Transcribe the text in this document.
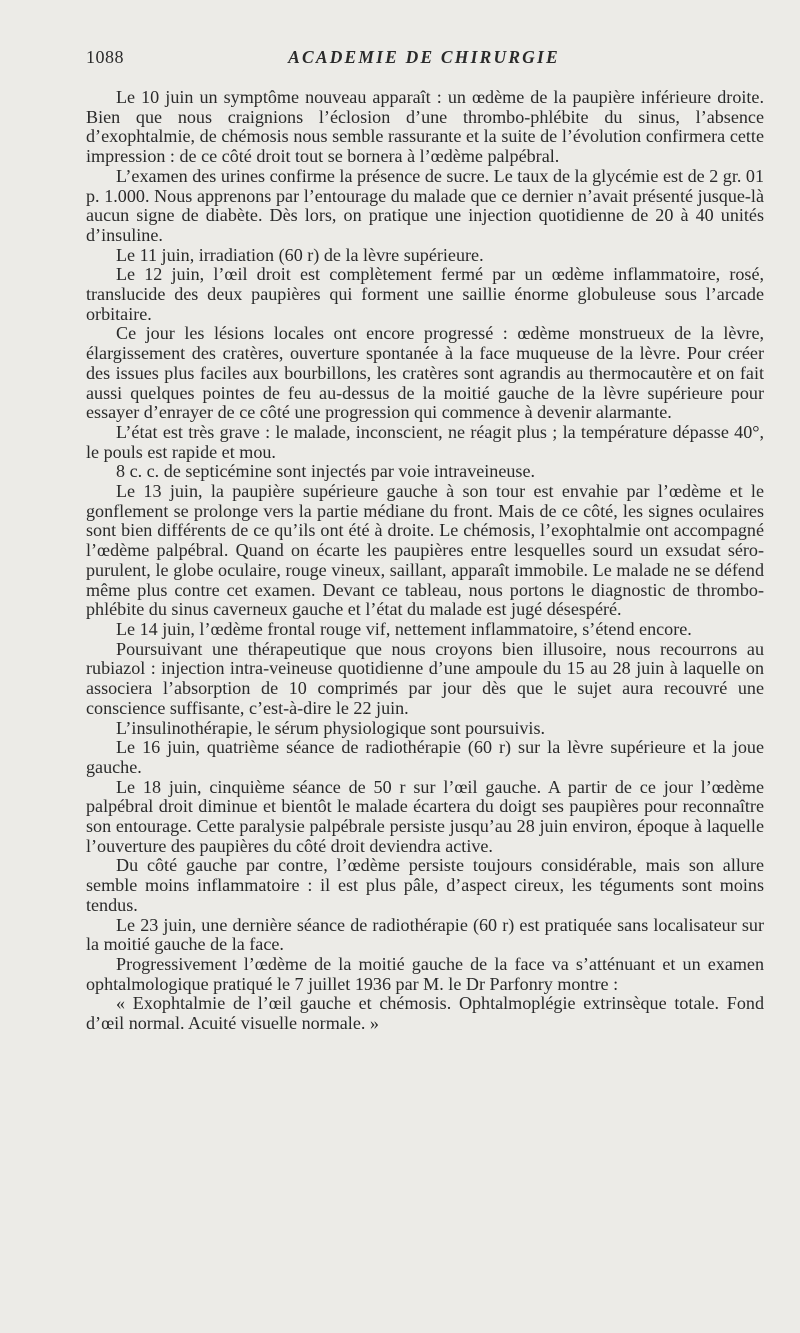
1088	ACADEMIE DE CHIRURGIE

Le 10 juin un symptôme nouveau apparaît : un œdème de la paupière inférieure droite. Bien que nous craignions l’éclosion d’une thrombo-phlébite du sinus, l’absence d’exophtalmie, de chémosis nous semble rassurante et la suite de l’évolution confirmera cette impression : de ce côté droit tout se bornera à l’œdème palpébral.

L’examen des urines confirme la présence de sucre. Le taux de la glycémie est de 2 gr. 01 p. 1.000. Nous apprenons par l’entourage du malade que ce dernier n’avait présenté jusque-là aucun signe de diabète. Dès lors, on pratique une injection quotidienne de 20 à 40 unités d’insuline.

Le 11 juin, irradiation (60 r) de la lèvre supérieure.

Le 12 juin, l’œil droit est complètement fermé par un œdème inflammatoire, rosé, translucide des deux paupières qui forment une saillie énorme globuleuse sous l’arcade orbitaire.

Ce jour les lésions locales ont encore progressé : œdème monstrueux de la lèvre, élargissement des cratères, ouverture spontanée à la face muqueuse de la lèvre. Pour créer des issues plus faciles aux bourbillons, les cratères sont agrandis au thermocautère et on fait aussi quelques pointes de feu au-dessus de la moitié gauche de la lèvre supérieure pour essayer d’enrayer de ce côté une progression qui commence à devenir alarmante.

L’état est très grave : le malade, inconscient, ne réagit plus ; la température dépasse 40°, le pouls est rapide et mou.

8 c. c. de septicémine sont injectés par voie intraveineuse.

Le 13 juin, la paupière supérieure gauche à son tour est envahie par l’œdème et le gonflement se prolonge vers la partie médiane du front. Mais de ce côté, les signes oculaires sont bien différents de ce qu’ils ont été à droite. Le chémosis, l’exophtalmie ont accompagné l’œdème palpébral. Quand on écarte les paupières entre lesquelles sourd un exsudat séro-purulent, le globe oculaire, rouge vineux, saillant, apparaît immobile. Le malade ne se défend même plus contre cet examen. Devant ce tableau, nous portons le diagnostic de thrombo-phlébite du sinus caverneux gauche et l’état du malade est jugé désespéré.

Le 14 juin, l’œdème frontal rouge vif, nettement inflammatoire, s’étend encore.

Poursuivant une thérapeutique que nous croyons bien illusoire, nous recourrons au rubiazol : injection intra-veineuse quotidienne d’une ampoule du 15 au 28 juin à laquelle on associera l’absorption de 10 comprimés par jour dès que le sujet aura recouvré une conscience suffisante, c’est-à-dire le 22 juin.

L’insulinothérapie, le sérum physiologique sont poursuivis.

Le 16 juin, quatrième séance de radiothérapie (60 r) sur la lèvre supérieure et la joue gauche.

Le 18 juin, cinquième séance de 50 r sur l’œil gauche. A partir de ce jour l’œdème palpébral droit diminue et bientôt le malade écartera du doigt ses paupières pour reconnaître son entourage. Cette paralysie palpébrale persiste jusqu’au 28 juin environ, époque à laquelle l’ouverture des paupières du côté droit deviendra active.

Du côté gauche par contre, l’œdème persiste toujours considérable, mais son allure semble moins inflammatoire : il est plus pâle, d’aspect cireux, les téguments sont moins tendus.

Le 23 juin, une dernière séance de radiothérapie (60 r) est pratiquée sans localisateur sur la moitié gauche de la face.

Progressivement l’œdème de la moitié gauche de la face va s’atténuant et un examen ophtalmologique pratiqué le 7 juillet 1936 par M. le Dr Parfonry montre :

« Exophtalmie de l’œil gauche et chémosis. Ophtalmoplégie extrinsèque totale. Fond d’œil normal. Acuité visuelle normale. »
